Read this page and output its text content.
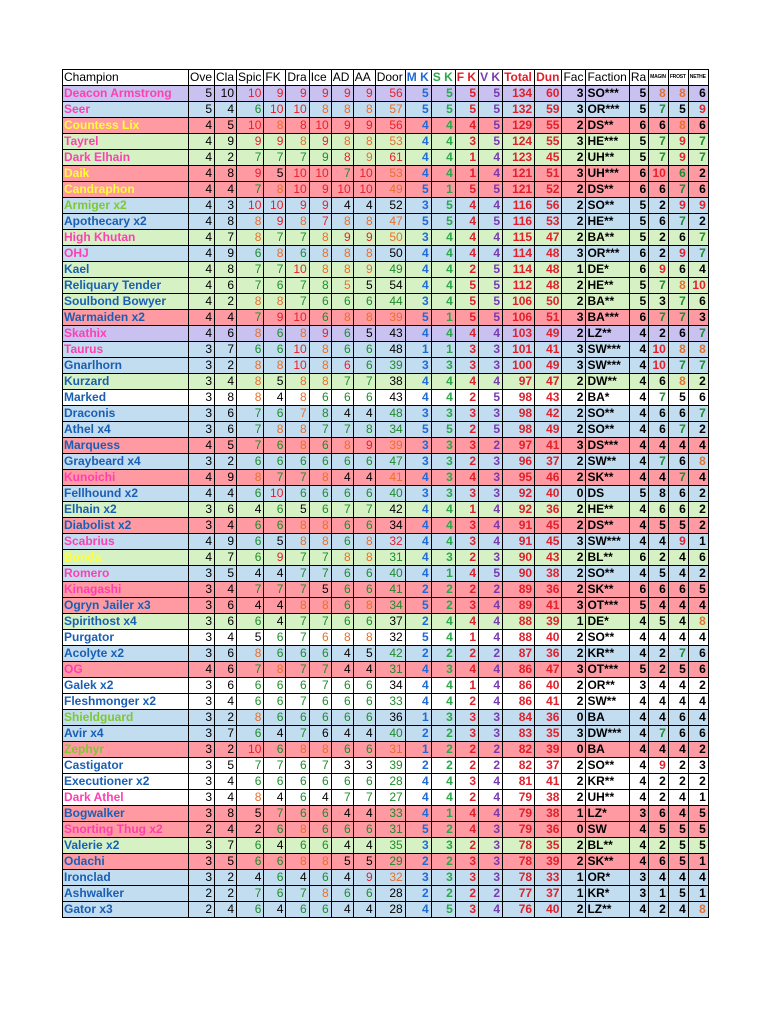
Champion	Ove	Cla	Spic	FK	Dra	Ice	AD	AA	Door	M K	S K	F K	V K	Total	Dun	Fac	Faction	Ra	MAGIN	FROST	NETHE
Deacon Armstrong	5	10	10	9	9	9	9	9	56	5	5	5	5	134	60	3	SO***	5	8	8	6
Seer	5	4	6	10	10	8	8	8	57	5	5	5	5	132	59	3	OR***	5	7	5	9
Countess Lix	4	5	10	8	8	10	9	9	56	4	4	4	5	129	55	2	DS**	6	6	8	6
Tayrel	4	9	9	9	8	9	8	8	53	4	4	3	5	124	55	3	HE***	5	7	9	7
Dark Elhain	4	2	7	7	7	9	8	9	61	4	4	1	4	123	45	2	UH**	5	7	9	7
Daik	4	8	9	5	10	10	7	10	53	4	4	1	4	121	51	3	UH***	6	10	6	2
Candraphon	4	4	7	8	10	9	10	10	49	5	1	5	5	121	52	2	DS**	6	6	7	6
Armiger x2	4	3	10	10	9	9	4	4	52	3	5	4	4	116	56	2	SO**	5	2	9	9
Apothecary x2	4	8	8	9	8	7	8	8	47	5	5	4	5	116	53	2	HE**	5	6	7	2
High Khutan	4	7	8	7	7	8	9	9	50	3	4	4	4	115	47	2	BA**	5	2	6	7
OHJ	4	9	6	8	6	8	8	8	50	4	4	4	4	114	48	3	OR***	6	2	9	7
Kael	4	8	7	7	10	8	8	9	49	4	4	2	5	114	48	1	DE*	6	9	6	4
Reliquary Tender	4	6	7	6	7	8	5	5	54	4	4	5	5	112	48	2	HE**	5	7	8	10
Soulbond Bowyer	4	2	8	8	7	6	6	6	44	3	4	5	5	106	50	2	BA**	5	3	7	6
Warmaiden x2	4	4	7	9	10	6	8	8	39	5	1	5	5	106	51	3	BA***	6	7	7	3
Skathix	4	6	8	6	8	9	6	5	43	4	4	4	4	103	49	2	LZ**	4	2	6	7
Taurus	3	7	6	6	10	8	6	6	48	1	1	3	3	101	41	3	SW***	4	10	8	8
Gnarlhorn	3	2	8	8	10	8	6	6	39	3	3	3	3	100	49	3	SW***	4	10	7	7
Kurzard	3	4	8	5	8	8	7	7	38	4	4	4	4	97	47	2	DW**	4	6	8	2
Marked	3	8	8	4	8	6	6	6	43	4	4	2	5	98	43	2	BA*	4	7	5	6
Draconis	3	6	7	6	7	8	4	4	48	3	3	3	3	98	42	2	SO**	4	6	6	7
Athel x4	3	6	7	8	8	7	7	8	34	5	5	2	5	98	49	2	SO**	4	6	7	2
Marquess	4	5	7	6	8	6	8	9	39	3	3	3	2	97	41	3	DS***	4	4	4	4
Graybeard x4	3	2	6	6	6	6	6	6	47	3	3	2	3	96	37	2	SW**	4	7	6	8
Kunoichi	4	9	8	7	7	8	4	4	41	4	3	4	3	95	46	2	SK**	4	4	7	4
Fellhound x2	4	4	6	10	6	6	6	6	40	3	3	3	3	92	40	0	DS	5	8	6	2
Elhain x2	3	6	4	6	5	6	7	7	42	4	4	1	4	92	36	2	HE**	4	6	6	2
Diabolist x2	3	4	6	6	8	8	6	6	34	4	4	3	4	91	45	2	DS**	4	5	5	2
Scabrius	4	9	6	5	8	8	6	8	32	4	4	3	4	91	45	3	SW***	4	4	9	1
Bonda	4	7	6	9	7	7	8	8	31	4	3	2	3	90	43	2	BL**	6	2	4	6
Romero	3	5	4	4	7	7	6	6	40	4	1	4	5	90	38	2	SO**	4	5	4	2
Kinagashi	3	4	7	7	7	5	6	6	41	2	2	2	2	89	36	2	SK**	6	6	6	5
Ogryn Jailer x3	3	6	4	4	8	8	6	8	34	5	2	3	4	89	41	3	OT***	5	4	4	4
Spirithost x4	3	6	6	4	7	7	6	6	37	2	4	4	4	88	39	1	DE*	4	5	4	8
Purgator	3	4	5	6	7	6	8	8	32	5	4	1	4	88	40	2	SO**	4	4	4	4
Acolyte x2	3	6	8	6	6	6	4	5	42	2	2	2	2	87	36	2	KR**	4	2	7	6
OG	4	6	7	8	7	7	4	4	31	4	3	4	4	86	47	3	OT***	5	2	5	6
Galek x2	3	6	6	6	6	7	6	6	34	4	4	1	4	86	40	2	OR**	3	4	4	2
Fleshmonger x2	3	4	6	6	7	6	6	6	33	4	4	2	4	86	41	2	SW**	4	4	4	4
Shieldguard	3	2	8	6	6	6	6	6	36	1	3	3	3	84	36	0	BA	4	4	6	4
Avir x4	3	7	6	4	7	6	4	4	40	2	2	3	3	83	35	3	DW***	4	7	6	6
Zephyr	3	2	10	6	8	8	6	6	31	1	2	2	2	82	39	0	BA	4	4	4	2
Castigator	3	5	7	7	6	7	3	3	39	2	2	2	2	82	37	2	SO**	4	9	2	3
Executioner x2	3	4	6	6	6	6	6	6	28	4	4	3	4	81	41	2	KR**	4	2	2	2
Dark Athel	3	4	8	4	6	4	7	7	27	4	4	2	4	79	38	2	UH**	4	2	4	1
Bogwalker	3	8	5	7	6	6	4	4	33	4	1	4	4	79	38	1	LZ*	3	6	4	5
Snorting Thug x2	2	4	2	6	8	6	6	6	31	5	2	4	3	79	36	0	SW	4	5	5	5
Valerie x2	3	7	6	4	6	6	4	4	35	3	3	2	3	78	35	2	BL**	4	2	5	5
Odachi	3	5	6	6	8	8	5	5	29	2	2	3	3	78	39	2	SK**	4	6	5	1
Ironclad	3	2	4	6	4	6	4	9	32	3	3	3	3	78	33	1	OR*	3	4	4	4
Ashwalker	2	2	7	6	7	8	6	6	28	2	2	2	2	77	37	1	KR*	3	1	5	1
Gator x3	2	4	6	4	6	6	4	4	28	4	5	3	4	76	40	2	LZ**	4	2	4	8
